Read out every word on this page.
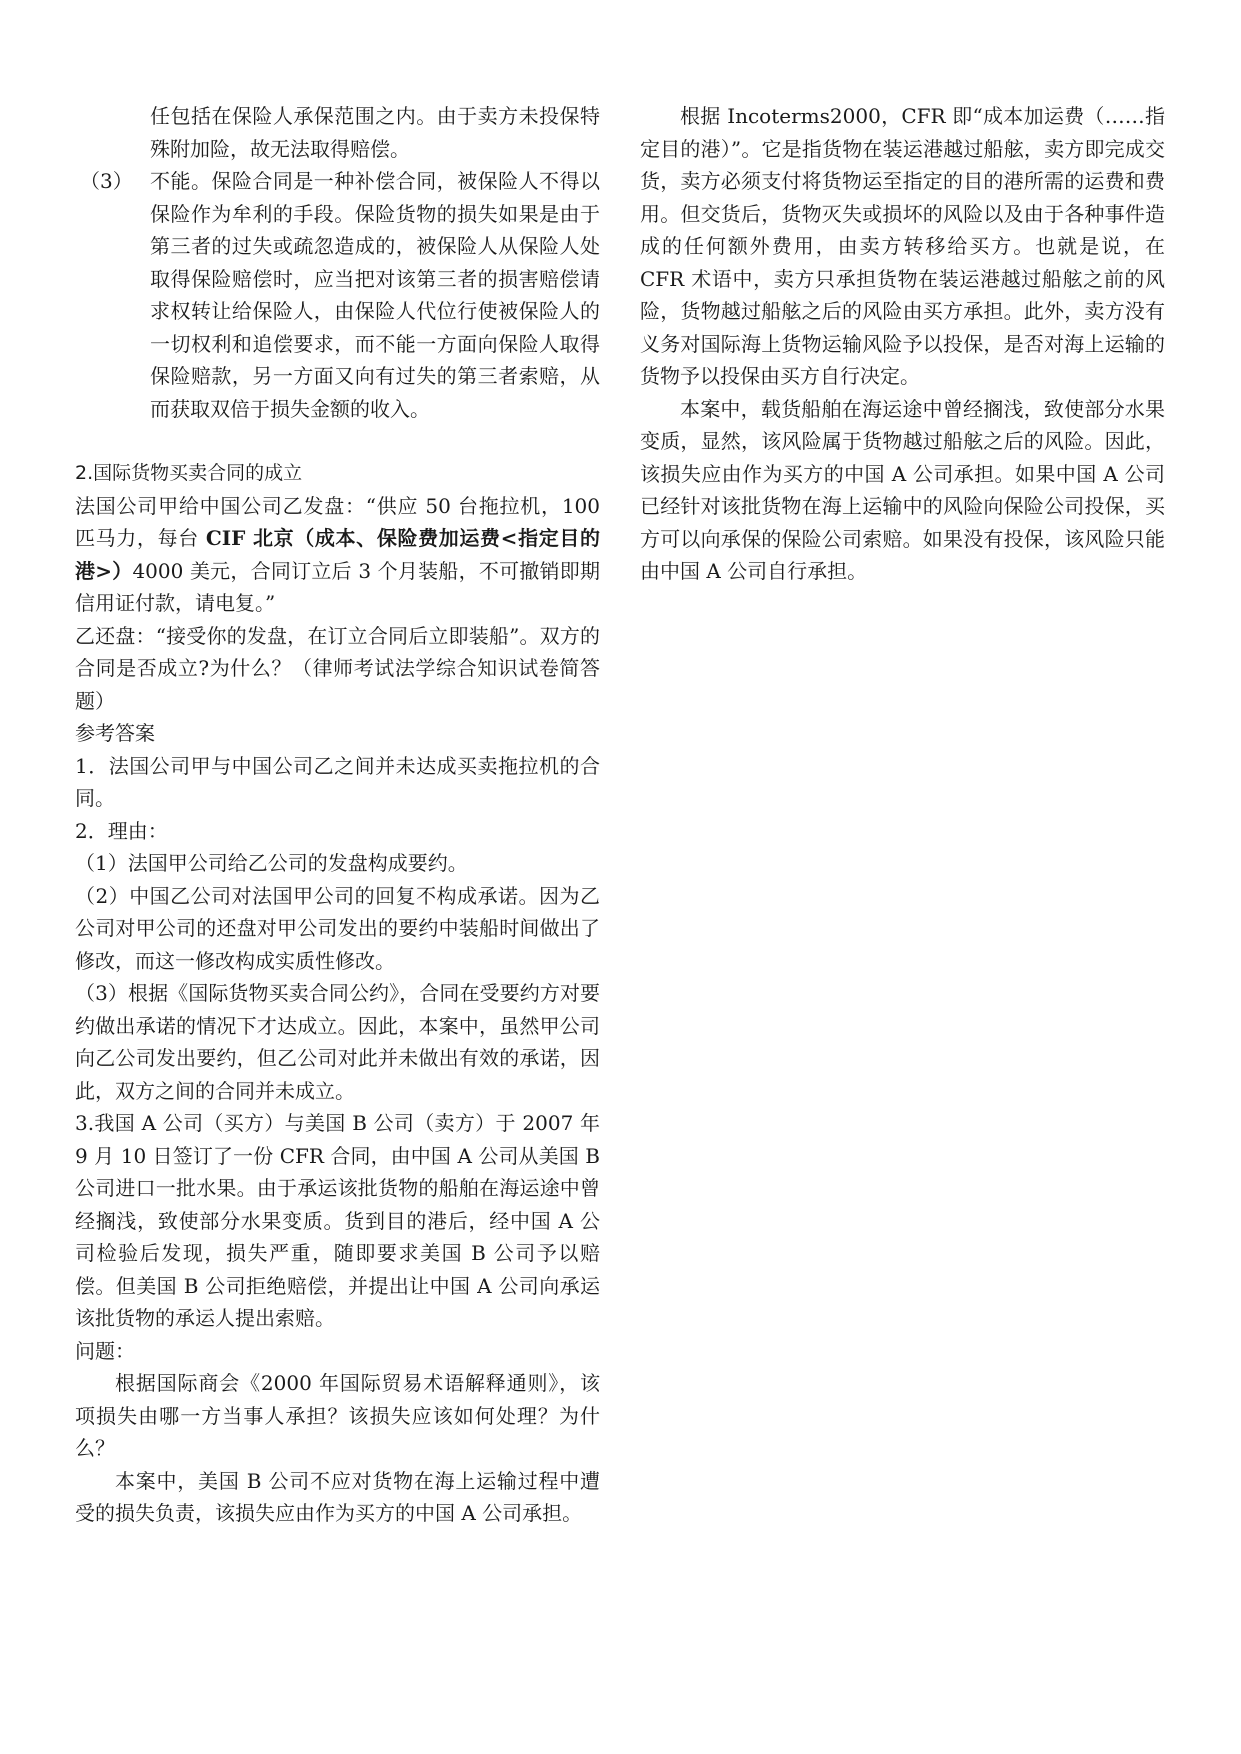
任包括在保险人承保范围之内。由于卖方未投保特殊附加险，故无法取得赔偿。

（3） 不能。保险合同是一种补偿合同，被保险人不得以保险作为牟利的手段。保险货物的损失如果是由于第三者的过失或疏忽造成的，被保险人从保险人处取得保险赔偿时，应当把对该第三者的损害赔偿请求权转让给保险人，由保险人代位行使被保险人的一切权利和追偿要求，而不能一方面向保险人取得保险赔款，另一方面又向有过失的第三者索赔，从而获取双倍于损失金额的收入。

2.国际货物买卖合同的成立

法国公司甲给中国公司乙发盘：“供应 50 台拖拉机，100 匹马力，每台 CIF 北京（成本、保险费加运费<指定目的港>）4000 美元，合同订立后 3 个月装船，不可撤销即期信用证付款，请电复。”

乙还盘：“接受你的发盘，在订立合同后立即装船”。双方的合同是否成立?为什么？（律师考试法学综合知识试卷简答题）

参考答案

1．法国公司甲与中国公司乙之间并未达成买卖拖拉机的合同。

2．理由：

（1）法国甲公司给乙公司的发盘构成要约。

（2）中国乙公司对法国甲公司的回复不构成承诺。因为乙公司对甲公司的还盘对甲公司发出的要约中装船时间做出了修改，而这一修改构成实质性修改。

（3）根据《国际货物买卖合同公约》，合同在受要约方对要约做出承诺的情况下才达成立。因此，本案中，虽然甲公司向乙公司发出要约，但乙公司对此并未做出有效的承诺，因此，双方之间的合同并未成立。

3.我国 A 公司（买方）与美国 B 公司（卖方）于 2007 年 9 月 10 日签订了一份 CFR 合同，由中国 A 公司从美国 B 公司进口一批水果。由于承运该批货物的船舶在海运途中曾经搁浅，致使部分水果变质。货到目的港后，经中国 A 公司检验后发现，损失严重，随即要求美国 B 公司予以赔偿。但美国 B 公司拒绝赔偿，并提出让中国 A 公司向承运该批货物的承运人提出索赔。

问题：

根据国际商会《2000 年国际贸易术语解释通则》，该项损失由哪一方当事人承担？该损失应该如何处理？为什么？

本案中，美国 B 公司不应对货物在海上运输过程中遭受的损失负责，该损失应由作为买方的中国 A 公司承担。

根据 Incoterms2000，CFR 即“成本加运费（……指定目的港）”。它是指货物在装运港越过船舷，卖方即完成交货，卖方必须支付将货物运至指定的目的港所需的运费和费用。但交货后，货物灭失或损坏的风险以及由于各种事件造成的任何额外费用，由卖方转移给买方。也就是说，在 CFR 术语中，卖方只承担货物在装运港越过船舷之前的风险，货物越过船舷之后的风险由买方承担。此外，卖方没有义务对国际海上货物运输风险予以投保，是否对海上运输的货物予以投保由买方自行决定。

本案中，载货船舶在海运途中曾经搁浅，致使部分水果变质，显然，该风险属于货物越过船舷之后的风险。因此，该损失应由作为买方的中国 A 公司承担。如果中国 A 公司已经针对该批货物在海上运输中的风险向保险公司投保，买方可以向承保的保险公司索赔。如果没有投保，该风险只能由中国 A 公司自行承担。
